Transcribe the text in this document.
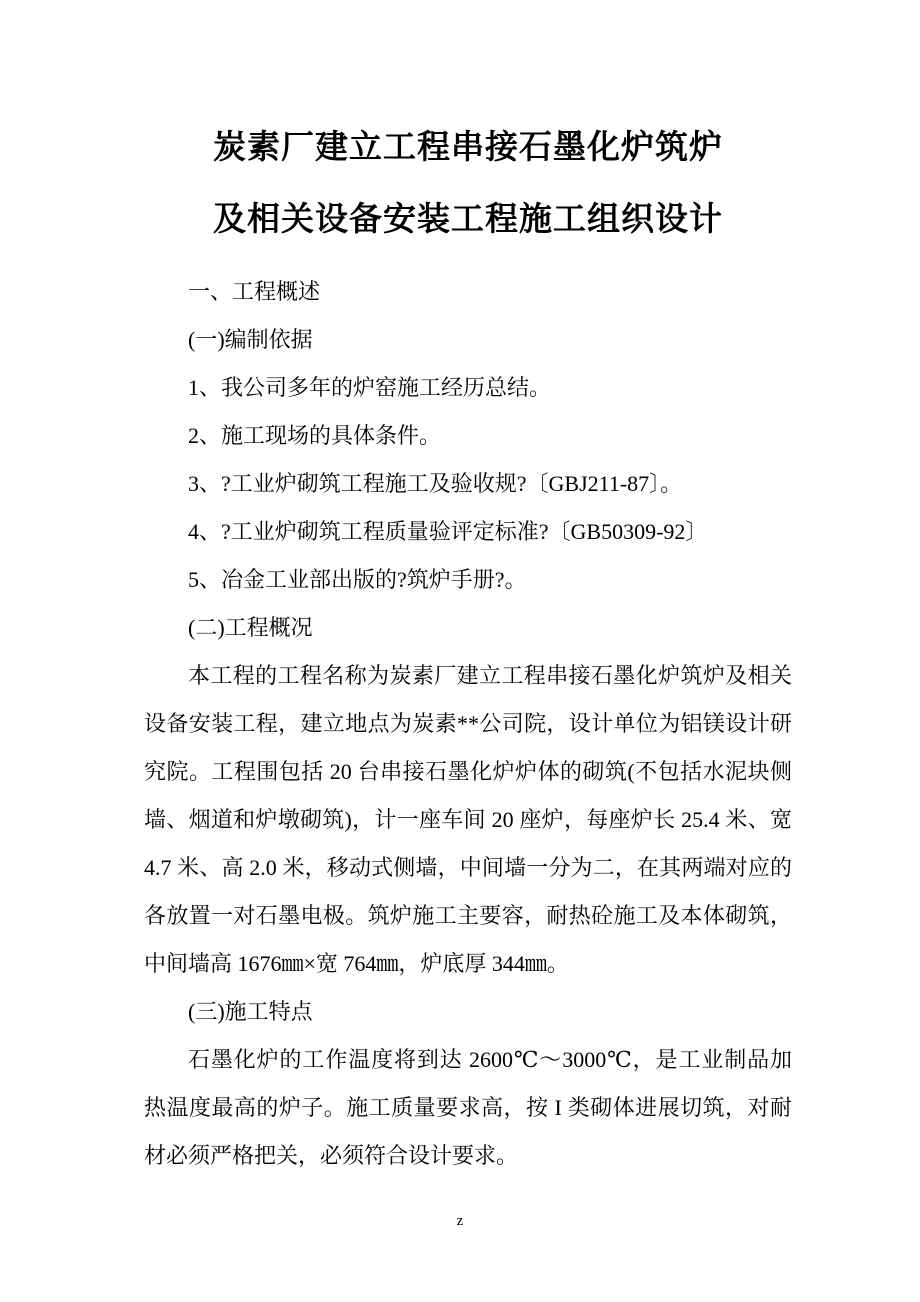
炭素厂建立工程串接石墨化炉筑炉
及相关设备安装工程施工组织设计

一、工程概述

(一)编制依据

1、我公司多年的炉窑施工经历总结。

2、施工现场的具体条件。

3、?工业炉砌筑工程施工及验收规?〔GBJ211-87〕。

4、?工业炉砌筑工程质量验评定标准?〔GB50309-92〕

5、冶金工业部出版的?筑炉手册?。

(二)工程概况

本工程的工程名称为炭素厂建立工程串接石墨化炉筑炉及相关设备安装工程，建立地点为炭素**公司院，设计单位为铝镁设计研究院。工程围包括 20 台串接石墨化炉炉体的砌筑(不包括水泥块侧墙、烟道和炉墩砌筑)，计一座车间 20 座炉，每座炉长 25.4 米、宽 4.7 米、高 2.0 米，移动式侧墙，中间墙一分为二，在其两端对应的各放置一对石墨电极。筑炉施工主要容，耐热砼施工及本体砌筑，中间墙高 1676㎜×宽 764㎜，炉底厚 344㎜。

(三)施工特点

石墨化炉的工作温度将到达 2600℃～3000℃，是工业制品加热温度最高的炉子。施工质量要求高，按 I 类砌体进展切筑，对耐材必须严格把关，必须符合设计要求。

z
